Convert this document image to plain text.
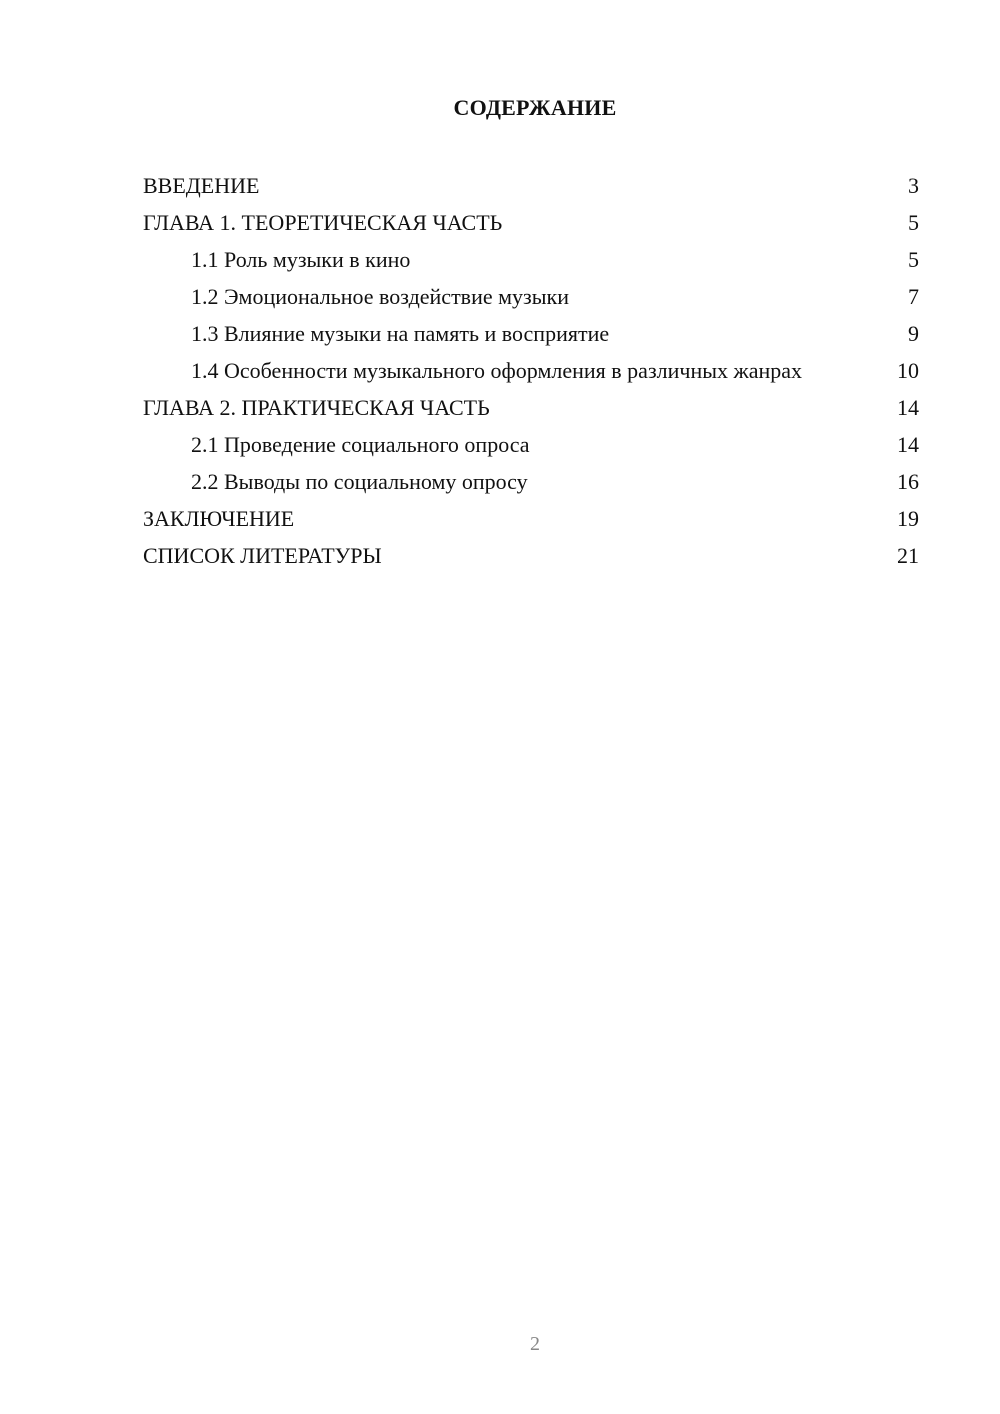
СОДЕРЖАНИЕ
ВВЕДЕНИЕ	3
ГЛАВА 1. ТЕОРЕТИЧЕСКАЯ ЧАСТЬ	5
1.1 Роль музыки в кино	5
1.2 Эмоциональное воздействие музыки	7
1.3 Влияние музыки на память и восприятие	9
1.4 Особенности музыкального оформления в различных жанрах	10
ГЛАВА 2. ПРАКТИЧЕСКАЯ ЧАСТЬ	14
2.1 Проведение социального опроса	14
2.2 Выводы по социальному опросу	16
ЗАКЛЮЧЕНИЕ	19
СПИСОК ЛИТЕРАТУРЫ	21
2
